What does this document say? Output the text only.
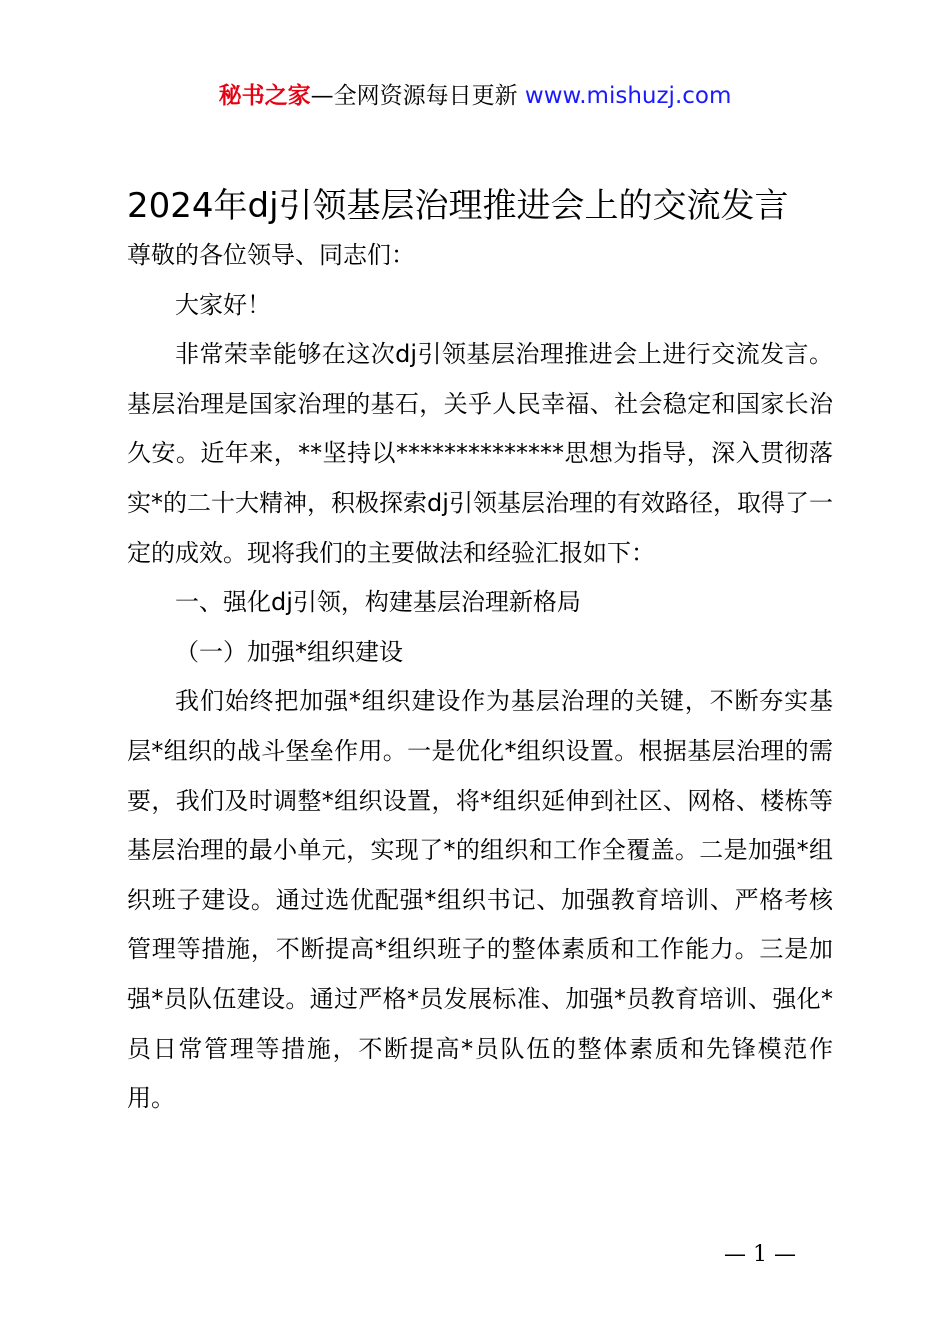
秘书之家—全网资源每日更新 www.mishuzj.com
2024年dj引领基层治理推进会上的交流发言

尊敬的各位领导、同志们：

大家好！

非常荣幸能够在这次dj引领基层治理推进会上进行交流发言。基层治理是国家治理的基石，关乎人民幸福、社会稳定和国家长治久安。近年来，**坚持以**************思想为指导，深入贯彻落实*的二十大精神，积极探索dj引领基层治理的有效路径，取得了一定的成效。现将我们的主要做法和经验汇报如下：

一、强化dj引领，构建基层治理新格局

（一）加强*组织建设

我们始终把加强*组织建设作为基层治理的关键，不断夯实基层*组织的战斗堡垒作用。一是优化*组织设置。根据基层治理的需要，我们及时调整*组织设置，将*组织延伸到社区、网格、楼栋等基层治理的最小单元，实现了*的组织和工作全覆盖。二是加强*组织班子建设。通过选优配强*组织书记、加强教育培训、严格考核管理等措施，不断提高*组织班子的整体素质和工作能力。三是加强*员队伍建设。通过严格*员发展标准、加强*员教育培训、强化*员日常管理等措施，不断提高*员队伍的整体素质和先锋模范作用。

— 1 —
